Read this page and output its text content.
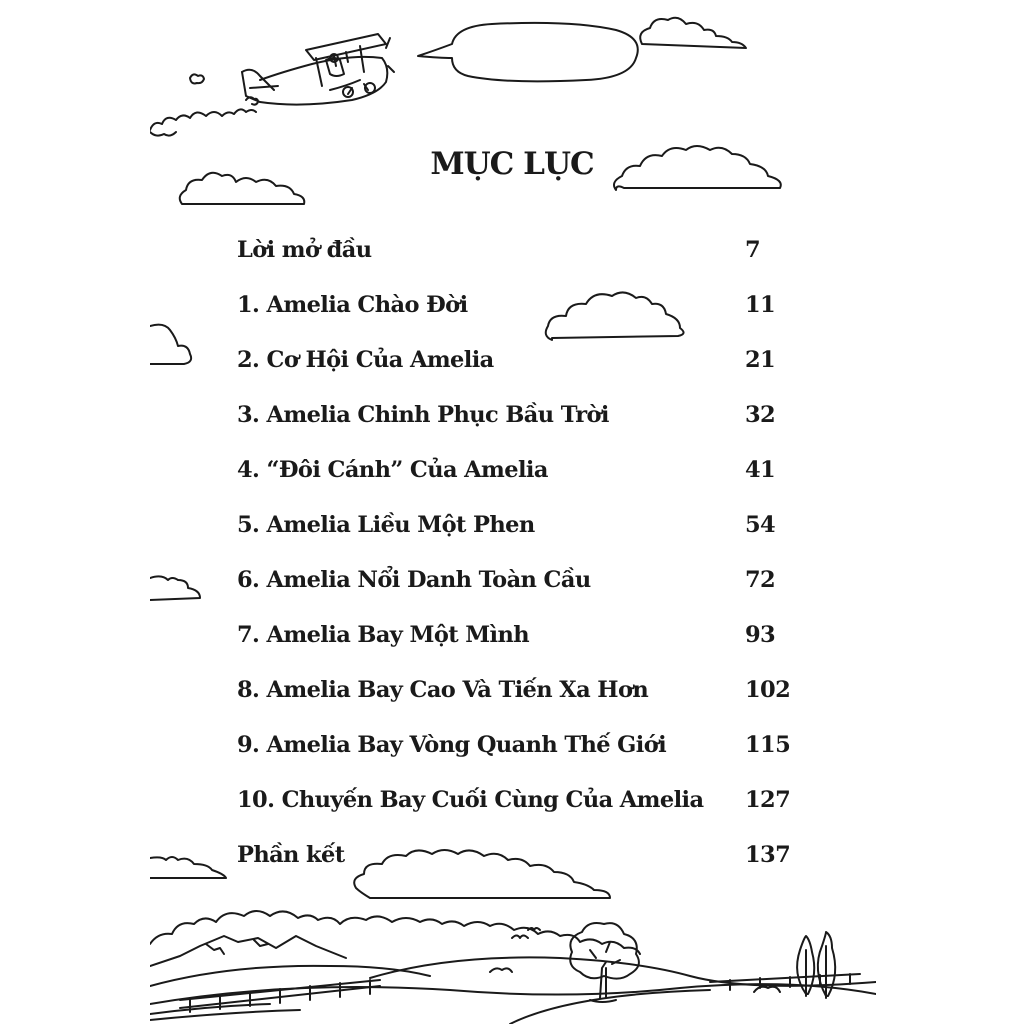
MỤC LỤC
Lời mở đầu	7
1. Amelia Chào Đời	11
2. Cơ Hội Của Amelia	21
3. Amelia Chinh Phục Bầu Trời	32
4. “Đôi Cánh” Của Amelia	41
5. Amelia Liều Một Phen	54
6. Amelia Nổi Danh Toàn Cầu	72
7. Amelia Bay Một Mình	93
8. Amelia Bay Cao Và Tiến Xa Hơn	102
9. Amelia Bay Vòng Quanh Thế Giới	115
10. Chuyến Bay Cuối Cùng Của Amelia 127
Phần kết	137
